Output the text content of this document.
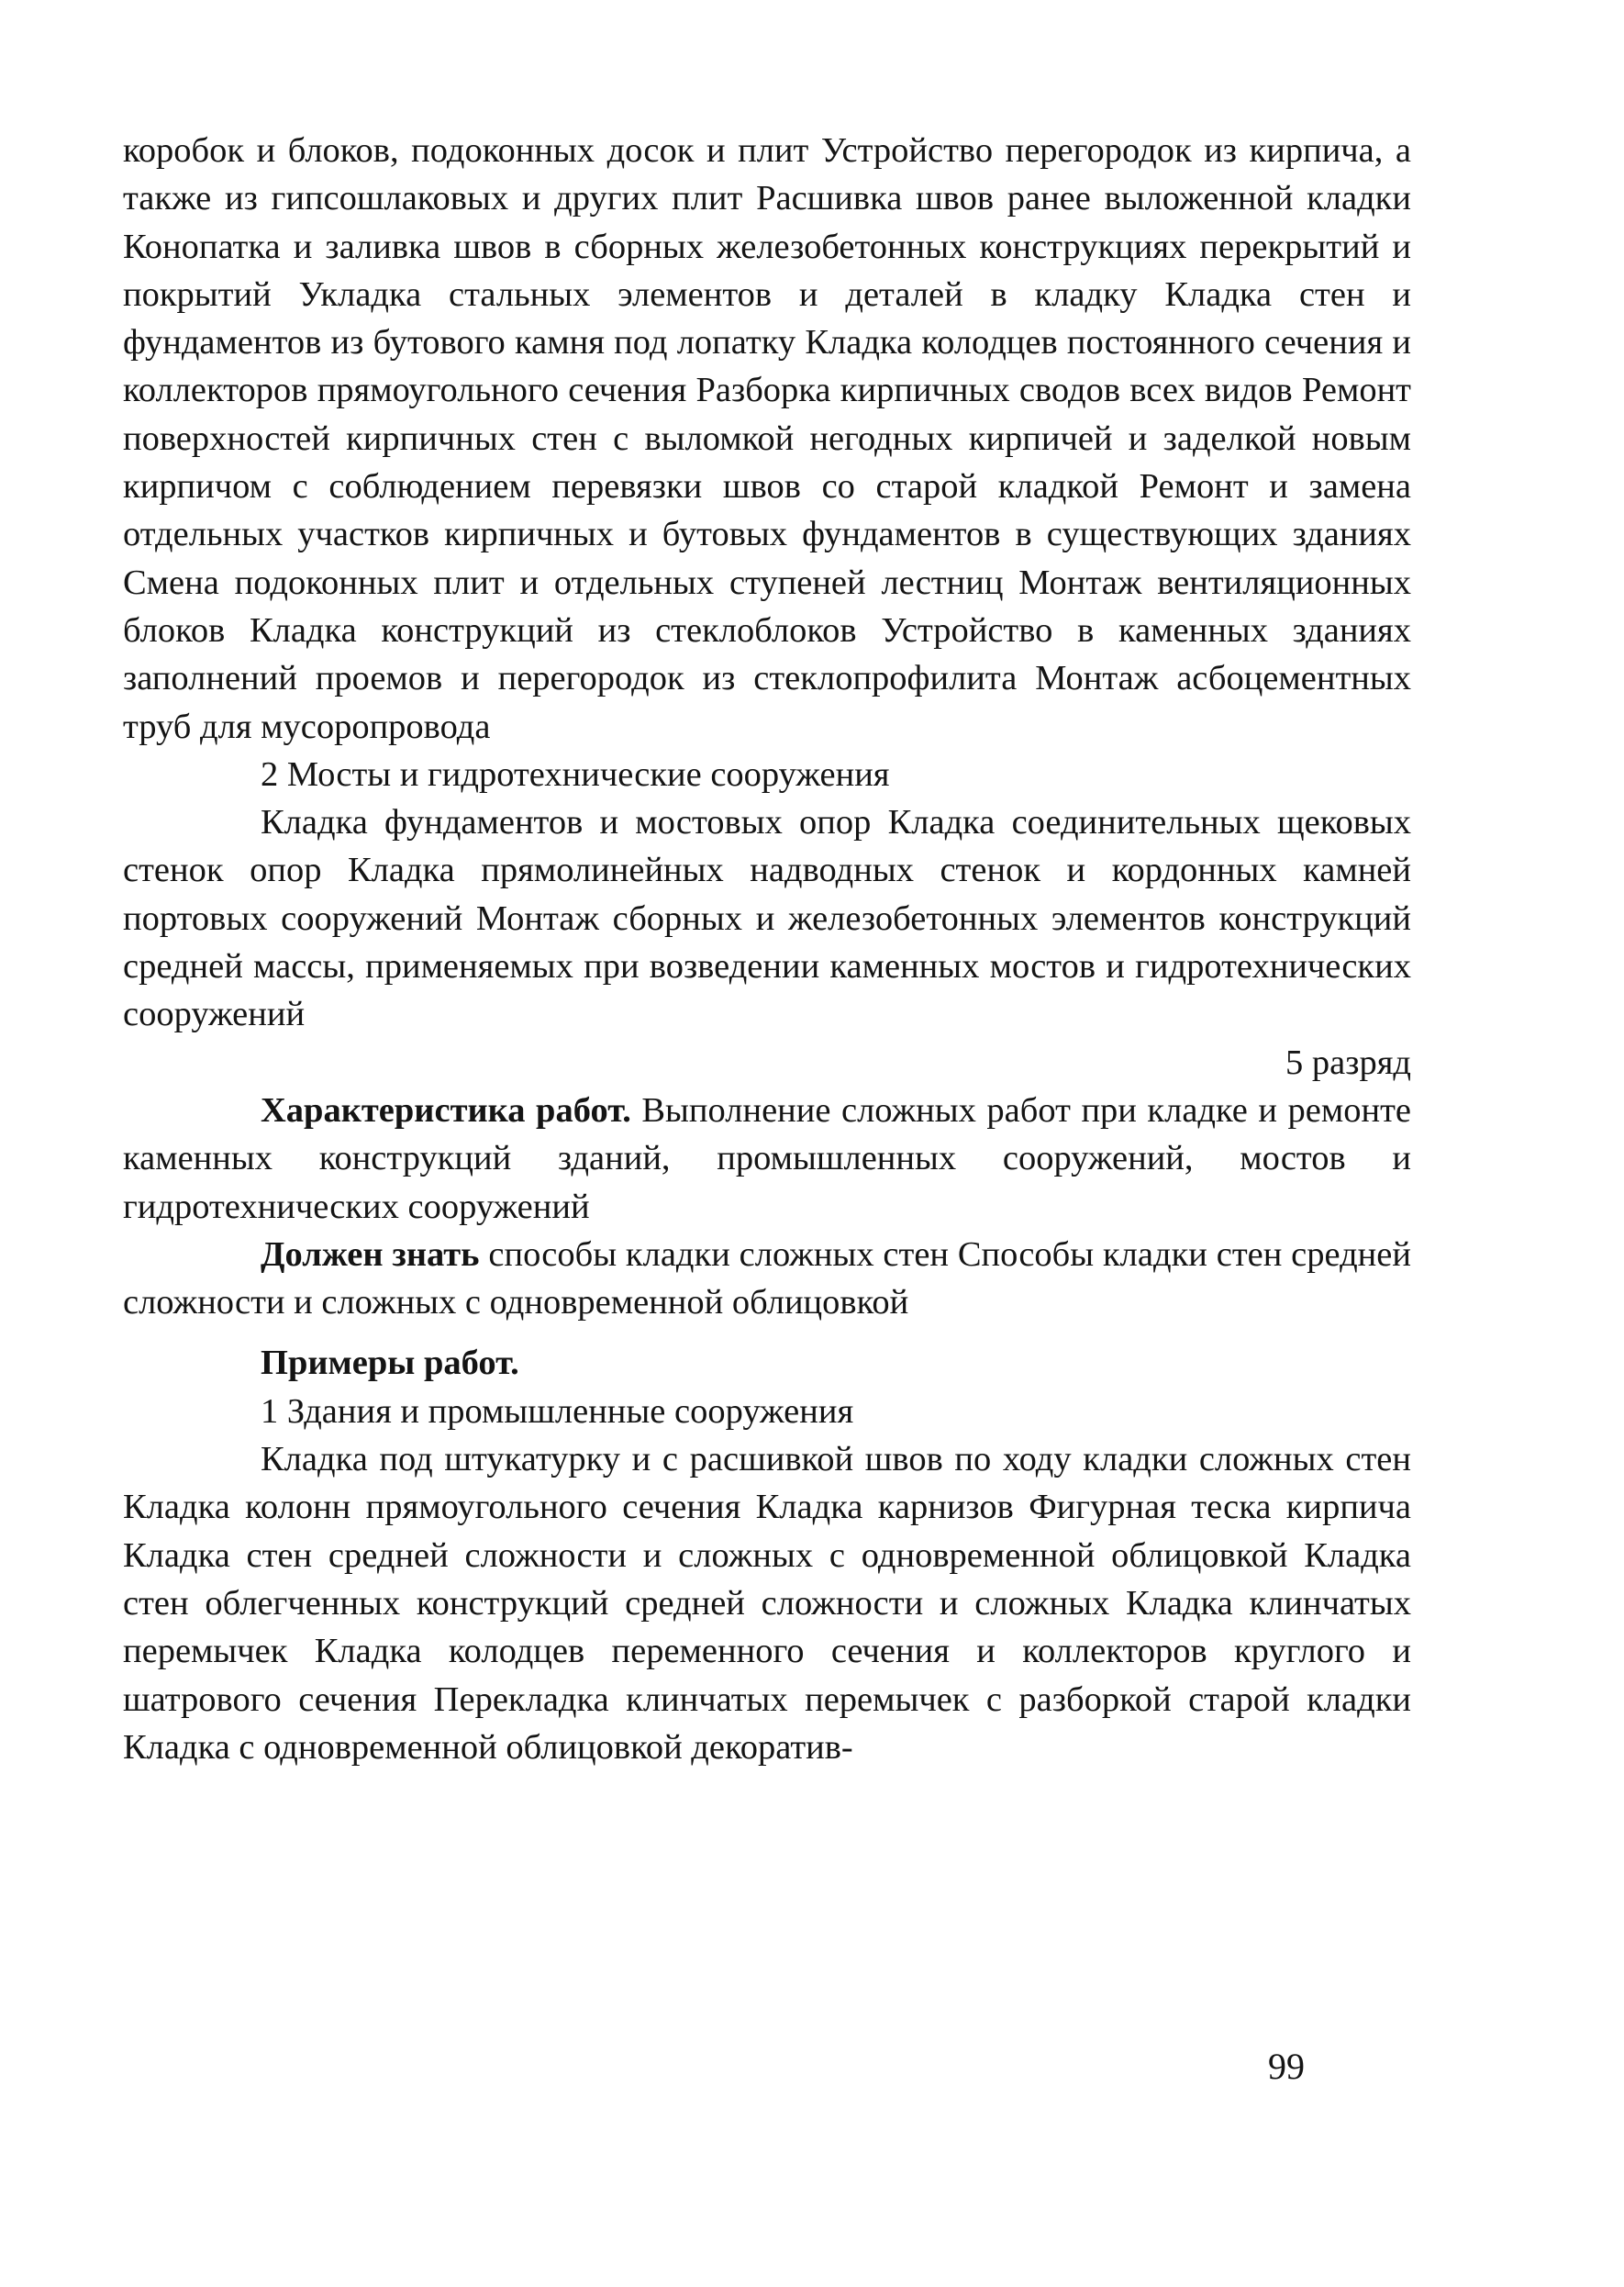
коробок и блоков, подоконных досок и плит Устройство перегородок из кирпича, а также из гипсошлаковых и других плит Расшивка швов ранее выложенной кладки Конопатка и заливка швов в сборных железобетонных конструкциях перекрытий и покрытий Укладка стальных элементов и деталей в кладку Кладка стен и фундаментов из бутового камня под лопатку Кладка колодцев постоянного сечения и коллекторов прямоугольного сечения Разборка кирпичных сводов всех видов Ремонт поверхностей кирпичных стен с выломкой негодных кирпичей и заделкой новым кирпичом с соблюдением перевязки швов со старой кладкой Ремонт и замена отдельных участков кирпичных и бутовых фундаментов в существующих зданиях Смена подоконных плит и отдельных ступеней лестниц Монтаж вентиляционных блоков Кладка конструкций из стеклоблоков Устройство в каменных зданиях заполнений проемов и перегородок из стеклопрофилита Монтаж асбоцементных труб для мусоропровода

2 Мосты и гидротехнические сооружения

Кладка фундаментов и мостовых опор Кладка соединительных щековых стенок опор Кладка прямолинейных надводных стенок и кордонных камней портовых сооружений Монтаж сборных и железобетонных элементов конструкций средней массы, применяемых при возведении каменных мостов и гидротехнических сооружений

5 разряд

Характеристика работ. Выполнение сложных работ при кладке и ремонте каменных конструкций зданий, промышленных сооружений, мостов и гидротехнических сооружений

Должен знать способы кладки сложных стен Способы кладки стен средней сложности и сложных с одновременной облицовкой

Примеры работ.

1 Здания и промышленные сооружения

Кладка под штукатурку и с расшивкой швов по ходу кладки сложных стен Кладка колонн прямоугольного сечения Кладка карнизов Фигурная теска кирпича Кладка стен средней сложности и сложных с одновременной облицовкой Кладка стен облегченных конструкций средней сложности и сложных Кладка клинчатых перемычек Кладка колодцев переменного сечения и коллекторов круглого и шатрового сечения Перекладка клинчатых перемычек с разборкой старой кладки Кладка с одновременной облицовкой декоратив-

99
